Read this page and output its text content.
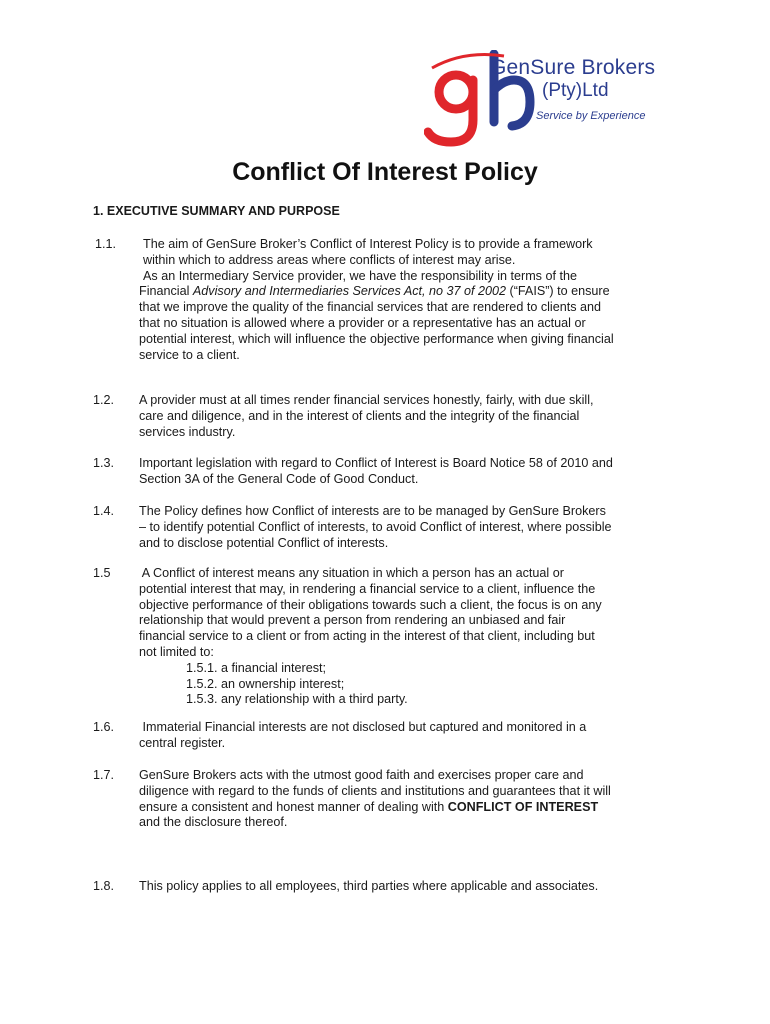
GenSure Brokers
(Pty)Ltd
Service by Experience
Conflict Of Interest Policy
1. EXECUTIVE SUMMARY AND PURPOSE
1.1. The aim of GenSure Broker’s Conflict of Interest Policy is to provide a framework

within which to address areas where conflicts of interest may arise.

As an Intermediary Service provider, we have the responsibility in terms of the

Financial Advisory and Intermediaries Services Act, no 37 of 2002 (“FAIS”) to ensure

that we improve the quality of the financial services that are rendered to clients and

that no situation is allowed where a provider or a representative has an actual or

potential interest, which will influence the objective performance when giving financial

service to a client.

1.2. A provider must at all times render financial services honestly, fairly, with due skill,

care and diligence, and in the interest of clients and the integrity of the financial

services industry.

1.3. Important legislation with regard to Conflict of Interest is Board Notice 58 of 2010 and

Section 3A of the General Code of Good Conduct.

1.4. The Policy defines how Conflict of interests are to be managed by GenSure Brokers

– to identify potential Conflict of interests, to avoid Conflict of interest, where possible

and to disclose potential Conflict of interests.

1.5 A Conflict of interest means any situation in which a person has an actual or

potential interest that may, in rendering a financial service to a client, influence the

objective performance of their obligations towards such a client, the focus is on any

relationship that would prevent a person from rendering an unbiased and fair

financial service to a client or from acting in the interest of that client, including but

not limited to:

1.5.1. a financial interest;

1.5.2. an ownership interest;

1.5.3. any relationship with a third party.

1.6. Immaterial Financial interests are not disclosed but captured and monitored in a

central register.

1.7. GenSure Brokers acts with the utmost good faith and exercises proper care and

diligence with regard to the funds of clients and institutions and guarantees that it will

ensure a consistent and honest manner of dealing with CONFLICT OF INTEREST

and the disclosure thereof.

1.8. This policy applies to all employees, third parties where applicable and associates.
